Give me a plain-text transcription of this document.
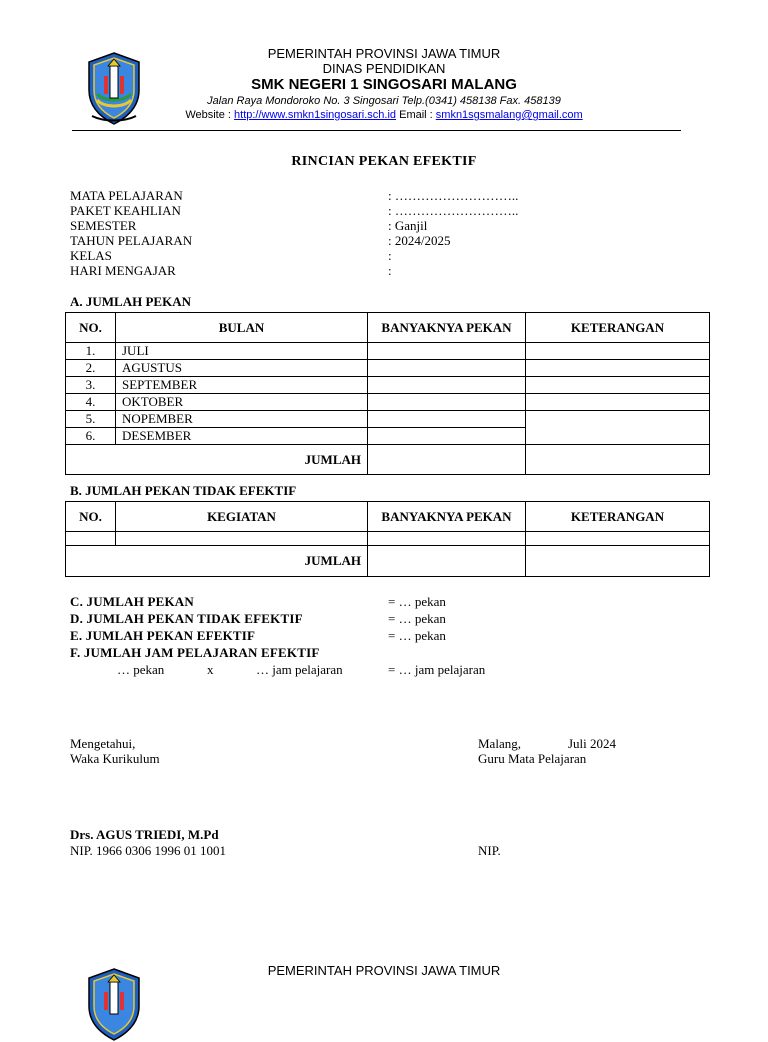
PEMERINTAH PROVINSI JAWA TIMUR
DINAS PENDIDIKAN
SMK NEGERI 1 SINGOSARI MALANG
Jalan Raya Mondoroko No. 3 Singosari Telp.(0341) 458138 Fax. 458139
Website : http://www.smkn1singosari.sch.id Email : smkn1sgsmalang@gmail.com
RINCIAN PEKAN EFEKTIF
MATA PELAJARAN	: ………………………..
PAKET KEAHLIAN	: ………………………..
SEMESTER	: Ganjil
TAHUN PELAJARAN	: 2024/2025
KELAS	:
HARI MENGAJAR	:
A. JUMLAH PEKAN
NO.	BULAN	BANYAKNYA PEKAN	KETERANGAN
1.	JULI		
2.	AGUSTUS		
3.	SEPTEMBER		
4.	OKTOBER		
5.	NOPEMBER		
6.	DESEMBER		
JUMLAH			
B. JUMLAH PEKAN TIDAK EFEKTIF
NO.	KEGIATAN	BANYAKNYA PEKAN	KETERANGAN

JUMLAH			
C. JUMLAH PEKAN	= … pekan
D. JUMLAH PEKAN TIDAK EFEKTIF	= … pekan
E. JUMLAH PEKAN EFEKTIF	= … pekan
F. JUMLAH JAM PELAJARAN EFEKTIF
… pekan	x	… jam pelajaran	= … jam pelajaran
Mengetahui,
Waka Kurikulum
Malang,	Juli 2024
Guru Mata Pelajaran
Drs. AGUS TRIEDI, M.Pd
NIP. 1966 0306 1996 01 1001	NIP.
PEMERINTAH PROVINSI JAWA TIMUR
